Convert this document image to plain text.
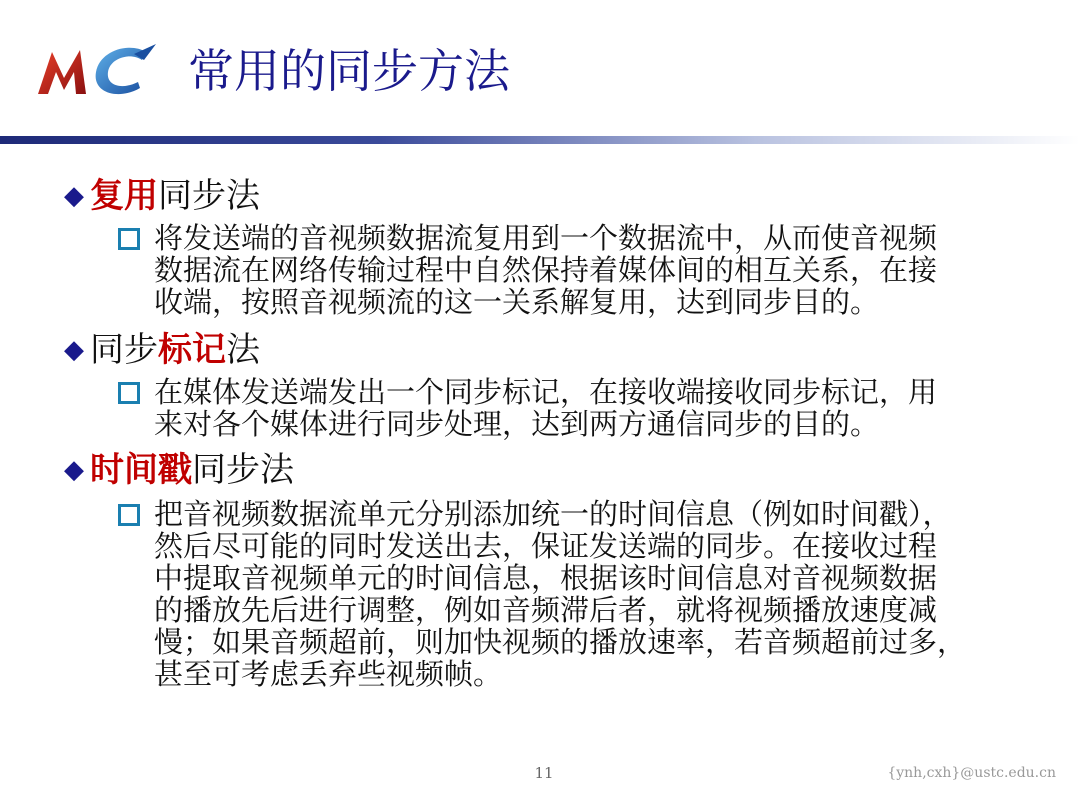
常用的同步方法
◆ 复用同步法
将发送端的音视频数据流复用到一个数据流中，从而使音视频
数据流在网络传输过程中自然保持着媒体间的相互关系，在接
收端，按照音视频流的这一关系解复用，达到同步目的。
◆ 同步标记法
在媒体发送端发出一个同步标记，在接收端接收同步标记，用
来对各个媒体进行同步处理，达到两方通信同步的目的。
◆ 时间戳同步法
把音视频数据流单元分别添加统一的时间信息（例如时间戳），
然后尽可能的同时发送出去，保证发送端的同步。在接收过程
中提取音视频单元的时间信息，根据该时间信息对音视频数据
的播放先后进行调整，例如音频滞后者，就将视频播放速度减
慢；如果音频超前，则加快视频的播放速率，若音频超前过多，
甚至可考虑丢弃些视频帧。
11	{ynh,cxh}@ustc.edu.cn
